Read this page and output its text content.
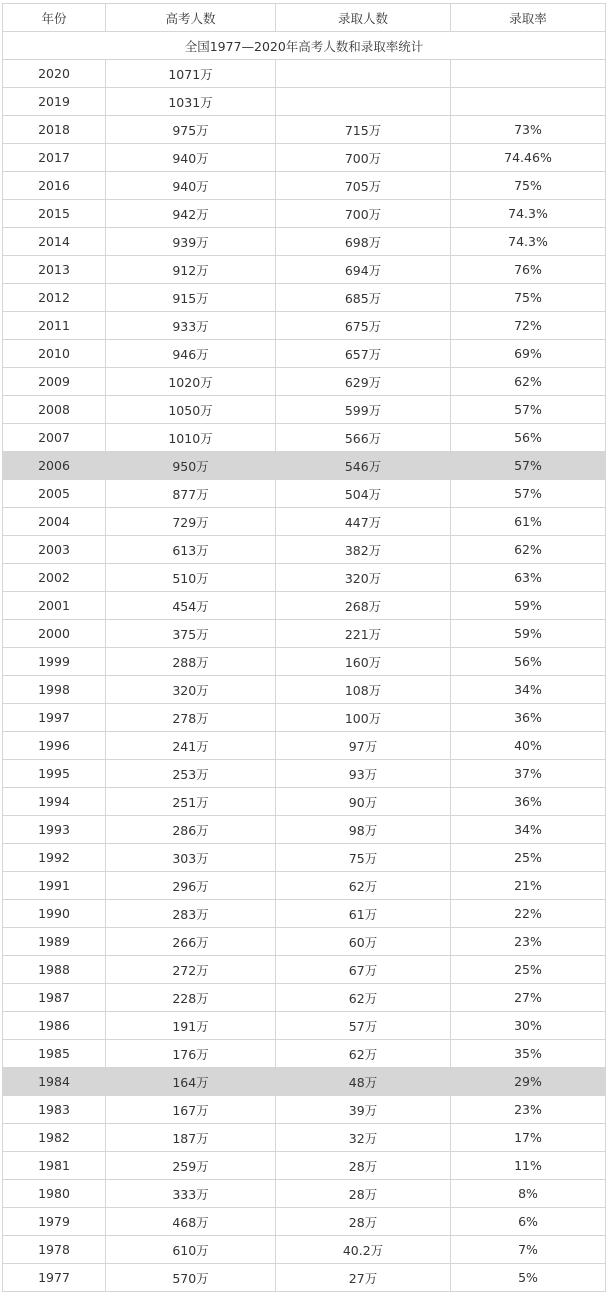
年份	高考人数	录取人数	录取率
全国1977—2020年高考人数和录取率统计			
2020	1071万		
2019	1031万		
2018	975万	715万	73%
2017	940万	700万	74.46%
2016	940万	705万	75%
2015	942万	700万	74.3%
2014	939万	698万	74.3%
2013	912万	694万	76%
2012	915万	685万	75%
2011	933万	675万	72%
2010	946万	657万	69%
2009	1020万	629万	62%
2008	1050万	599万	57%
2007	1010万	566万	56%
2006	950万	546万	57%
2005	877万	504万	57%
2004	729万	447万	61%
2003	613万	382万	62%
2002	510万	320万	63%
2001	454万	268万	59%
2000	375万	221万	59%
1999	288万	160万	56%
1998	320万	108万	34%
1997	278万	100万	36%
1996	241万	97万	40%
1995	253万	93万	37%
1994	251万	90万	36%
1993	286万	98万	34%
1992	303万	75万	25%
1991	296万	62万	21%
1990	283万	61万	22%
1989	266万	60万	23%
1988	272万	67万	25%
1987	228万	62万	27%
1986	191万	57万	30%
1985	176万	62万	35%
1984	164万	48万	29%
1983	167万	39万	23%
1982	187万	32万	17%
1981	259万	28万	11%
1980	333万	28万	8%
1979	468万	28万	6%
1978	610万	40.2万	7%
1977	570万	27万	5%
